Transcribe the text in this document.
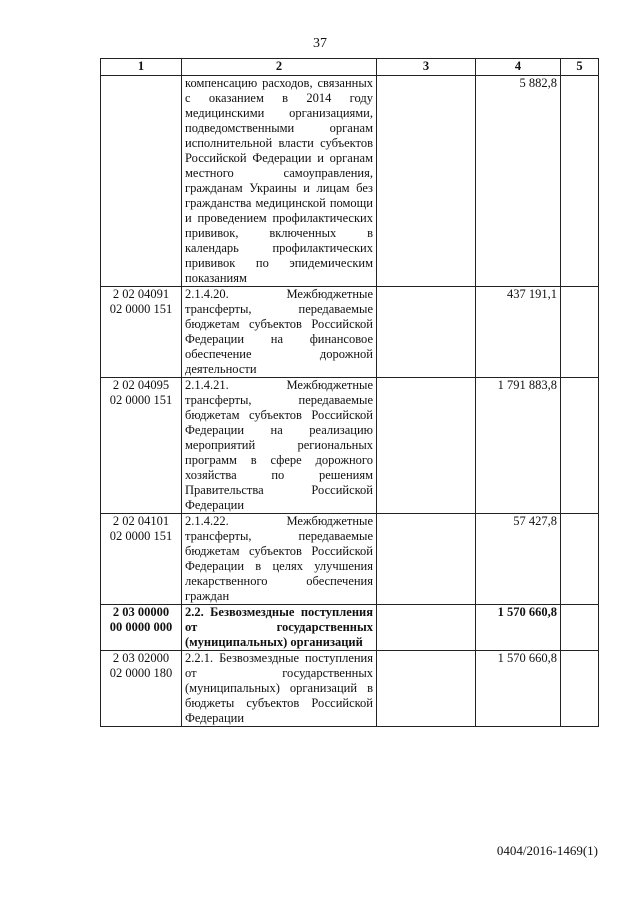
37
1	2	3	4	5
	компенсацию расходов, связанных с оказанием в 2014 году медицинскими организациями, подведомственными органам исполнительной власти субъектов Российской Федерации и органам местного самоуправления, гражданам Украины и лицам без гражданства медицинской помощи и проведением профилактических прививок, включенных в календарь профилактических прививок по эпидемическим показаниям		5 882,8	

2 02 04091
02 0000 151	2.1.4.20. Межбюджетные трансферты, передаваемые бюджетам субъектов Российской Федерации на финансовое обеспечение дорожной деятельности		437 191,1	

2 02 04095
02 0000 151	2.1.4.21. Межбюджетные трансферты, передаваемые бюджетам субъектов Российской Федерации на реализацию мероприятий региональных программ в сфере дорожного хозяйства по решениям Правительства Российской Федерации		1 791 883,8	

2 02 04101
02 0000 151	2.1.4.22. Межбюджетные трансферты, передаваемые бюджетам субъектов Российской Федерации в целях улучшения лекарственного обеспечения граждан		57 427,8	

2 03 00000
00 0000 000	2.2. Безвозмездные поступления от государственных (муниципальных) организаций		1 570 660,8	

2 03 02000
02 0000 180	2.2.1. Безвозмездные поступления от государственных (муниципальных) организаций в бюджеты субъектов Российской Федерации		1 570 660,8	
0404/2016-1469(1)
